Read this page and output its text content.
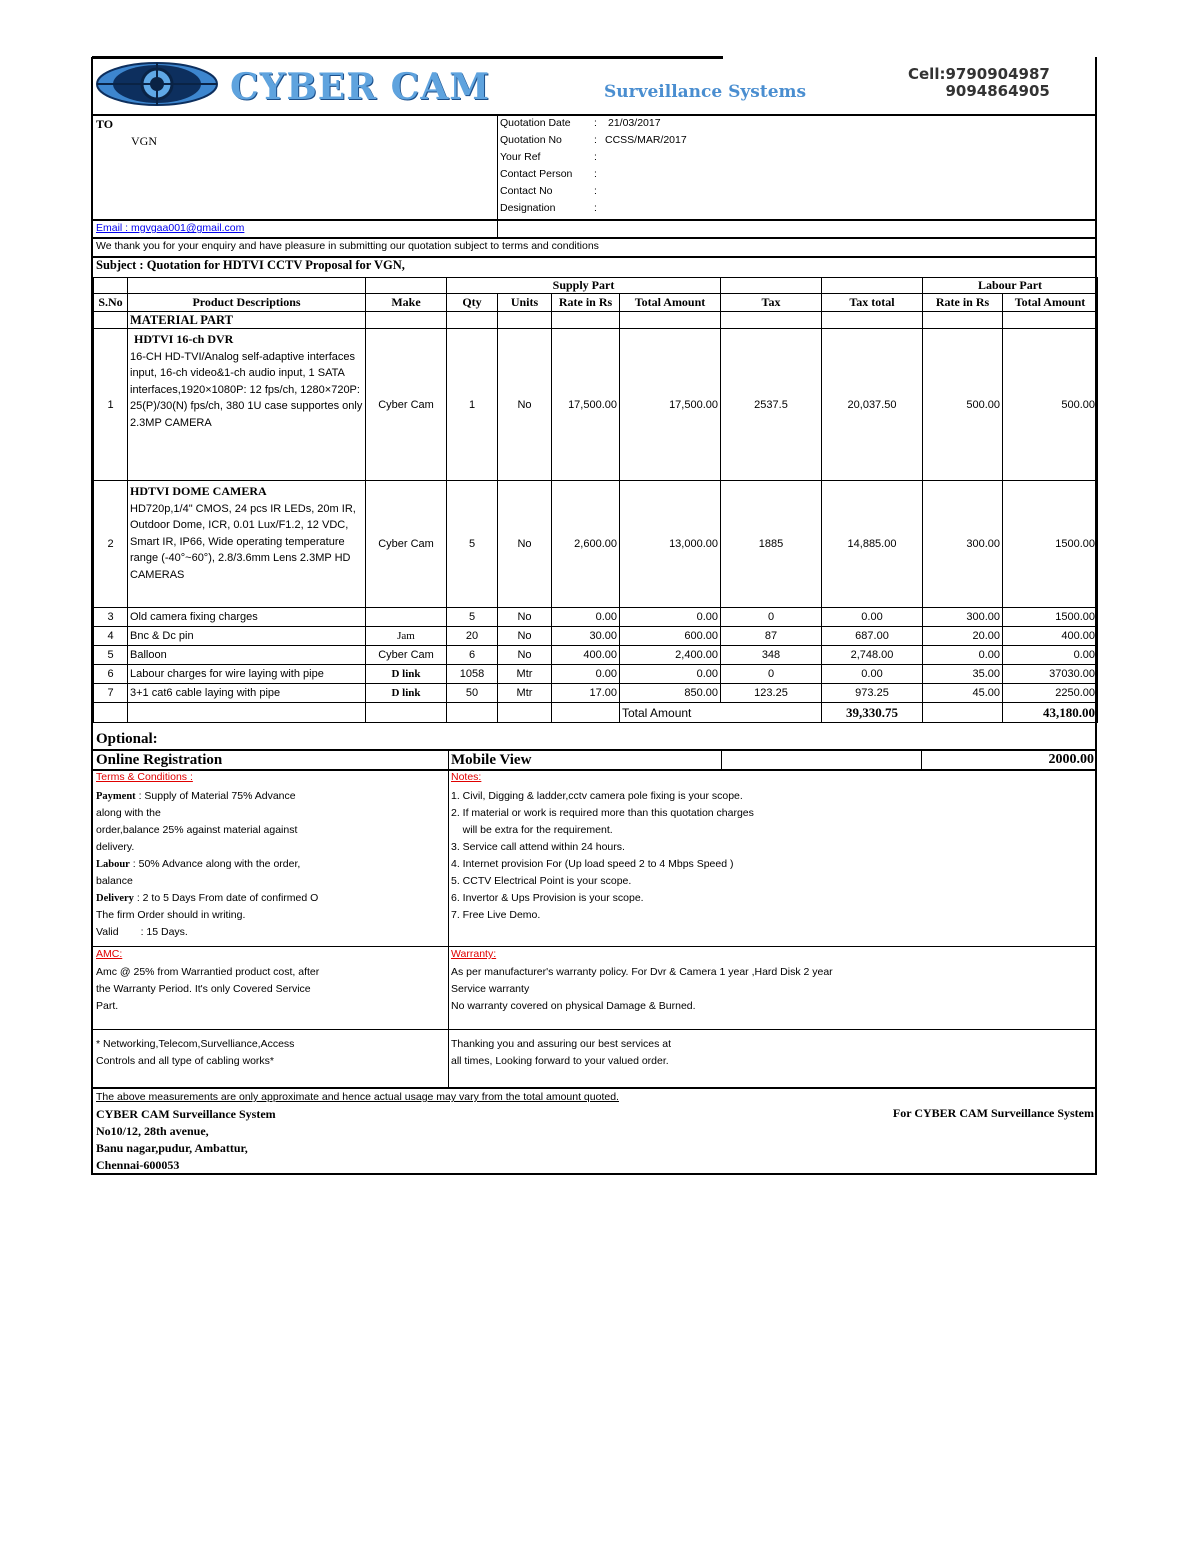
CYBER CAM	Surveillance Systems
Cell:9790904987
9094864905
TO
VGN
Quotation Date : 21/03/2017
Quotation No	: CCSS/MAR/2017
Your Ref	:
Contact Person :
Contact No	:
Designation	:
Email : mgvgaa001@gmail.com
We thank you for your enquiry and have pleasure in submitting our quotation subject to terms and conditions
Subject : Quotation for HDTVI CCTV Proposal for VGN,
			Supply Part						Labour Part	
S.No	Product Descriptions	Make	Qty	Units	Rate in Rs	Total Amount	Tax	Tax total	Rate in Rs	Total Amount
	MATERIAL PART									
1	HDTVI 16-ch DVR
16-CH HD-TVI/Analog self-adaptive interfaces input, 16-ch video&1-ch audio input, 1 SATA interfaces,1920×1080P: 12 fps/ch, 1280×720P: 25(P)/30(N) fps/ch, 380 1U case supportes only 2.3MP CAMERA	Cyber Cam	1	No	17,500.00	17,500.00	2537.5	20,037.50	500.00	500.00
2	HDTVI DOME CAMERA
HD720p,1/4" CMOS, 24 pcs IR LEDs, 20m IR, Outdoor Dome, ICR, 0.01 Lux/F1.2, 12 VDC, Smart IR, IP66, Wide operating temperature range (-40°~60°), 2.8/3.6mm Lens 2.3MP HD CAMERAS	Cyber Cam	5	No	2,600.00	13,000.00	1885	14,885.00	300.00	1500.00
3	Old camera fixing charges		5	No	0.00	0.00	0	0.00	300.00	1500.00
4	Bnc & Dc pin	Jam	20	No	30.00	600.00	87	687.00	20.00	400.00
5	Balloon	Cyber Cam	6	No	400.00	2,400.00	348	2,748.00	0.00	0.00
6	Labour charges for wire laying with pipe	D link	1058	Mtr	0.00	0.00	0	0.00	35.00	37030.00
7	3+1 cat6 cable laying with pipe	D link	50	Mtr	17.00	850.00	123.25	973.25	45.00	2250.00
						Total Amount		39,330.75		43,180.00
Optional:
Online Registration	Mobile View	2000.00
Terms & Conditions :
Payment : Supply of Material 75% Advance
along with the
order,balance 25% against material against
delivery.
Labour : 50% Advance along with the order,
balance
Delivery : 2 to 5 Days From date of confirmed O
The firm Order should in writing.
Valid : 15 Days.
Notes:
1. Civil, Digging & ladder,cctv camera pole fixing is your scope.
2. If material or work is required more than this quotation charges
will be extra for the requirement.
3. Service call attend within 24 hours.
4. Internet provision For (Up load speed 2 to 4 Mbps Speed )
5. CCTV Electrical Point is your scope.
6. Invertor & Ups Provision is your scope.
7. Free Live Demo.
AMC:
Amc @ 25% from Warrantied product cost, after
the Warranty Period. It's only Covered Service
Part.
Warranty:
As per manufacturer's warranty policy. For Dvr & Camera 1 year ,Hard Disk 2 year
Service warranty
No warranty covered on physical Damage & Burned.
* Networking,Telecom,Survelliance,Access
Controls and all type of cabling works*
Thanking you and assuring our best services at
all times, Looking forward to your valued order.
The above measurements are only approximate and hence actual usage may vary from the total amount quoted.
CYBER CAM Surveillance System
No10/12, 28th avenue,
Banu nagar,pudur, Ambattur,
Chennai-600053
For CYBER CAM Surveillance System
